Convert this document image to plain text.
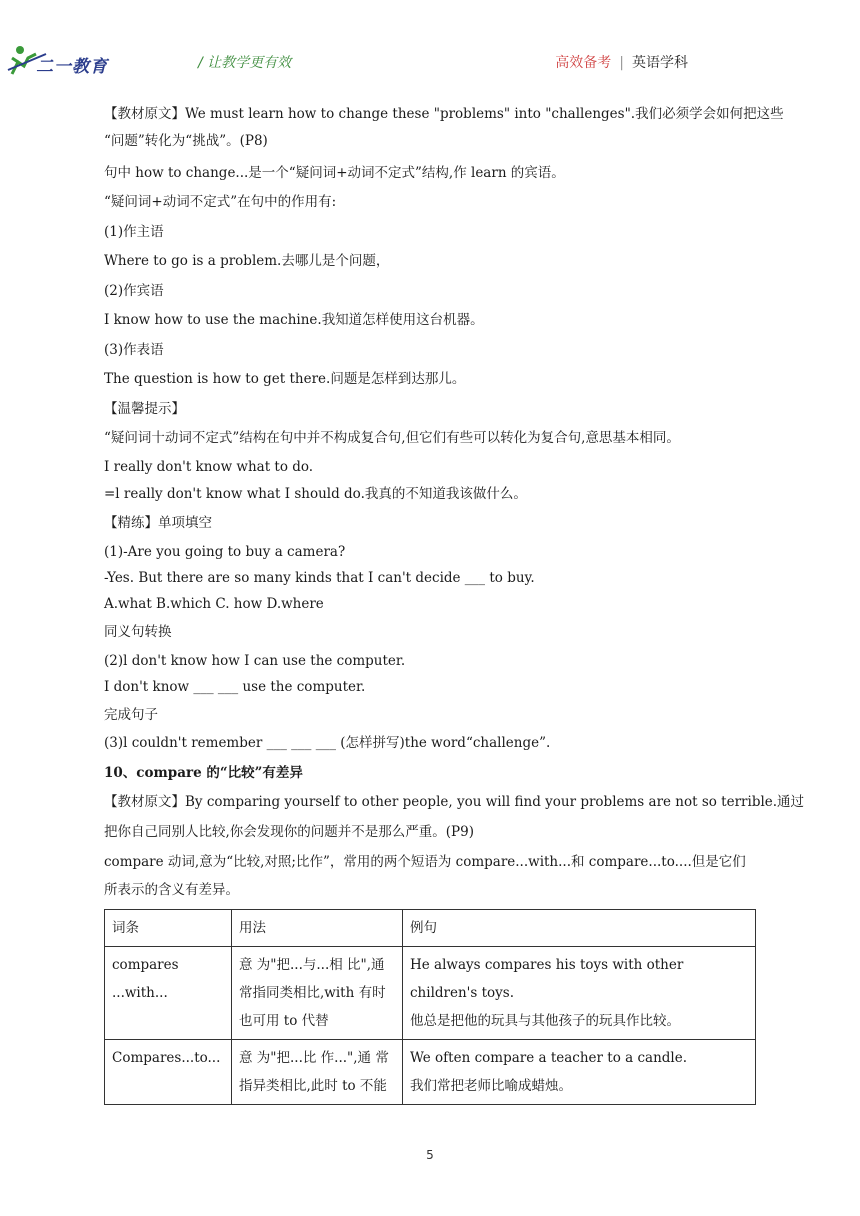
二一教育	/ 让教学更有效	高效备考 | 英语学科
【教材原文】We must learn how to change these "problems" into "challenges".我们必须学会如何把这些
“问题”转化为“挑战”。(P8)
句中 how to change...是一个“疑问词+动词不定式”结构,作 learn 的宾语。
“疑问词+动词不定式”在句中的作用有:
(1)作主语
Where to go is a problem.去哪儿是个问题，
(2)作宾语
I know how to use the machine.我知道怎样使用这台机器。
(3)作表语
The question is how to get there.问题是怎样到达那儿。
【温馨提示】
“疑问词十动词不定式”结构在句中并不构成复合句,但它们有些可以转化为复合句,意思基本相同。
I really don't know what to do.
=l really don't know what I should do.我真的不知道我该做什么。
【精练】单项填空
(1)-Are you going to buy a camera?
-Yes. But there are so many kinds that I can't decide ___ to buy.
A.what B.which C. how D.where
同义句转换
(2)l don't know how I can use the computer.
I don't know ___ ___ use the computer.
完成句子
(3)l couldn't remember ___ ___ ___ (怎样拼写)the word“challenge”.
10、compare 的“比较”有差异
【教材原文】By comparing yourself to other people, you will find your problems are not so terrible.通过
把你自己同别人比较,你会发现你的问题并不是那么严重。(P9)
compare 动词,意为“比较,对照;比作”，常用的两个短语为 compare...with...和 compare...to....但是它们
所表示的含义有差异。
词条	用法	例句
compares ...with...	意 为"把...与...相 比",通常指同类相比,with 有时也可用 to 代替	He always compares his toys with other children's toys.
他总是把他的玩具与其他孩子的玩具作比较。

Compares...to...	意 为"把...比 作...",通 常指异类相比,此时 to 不能	We often compare a teacher to a candle.
我们常把老师比喻成蜡烛。
5
